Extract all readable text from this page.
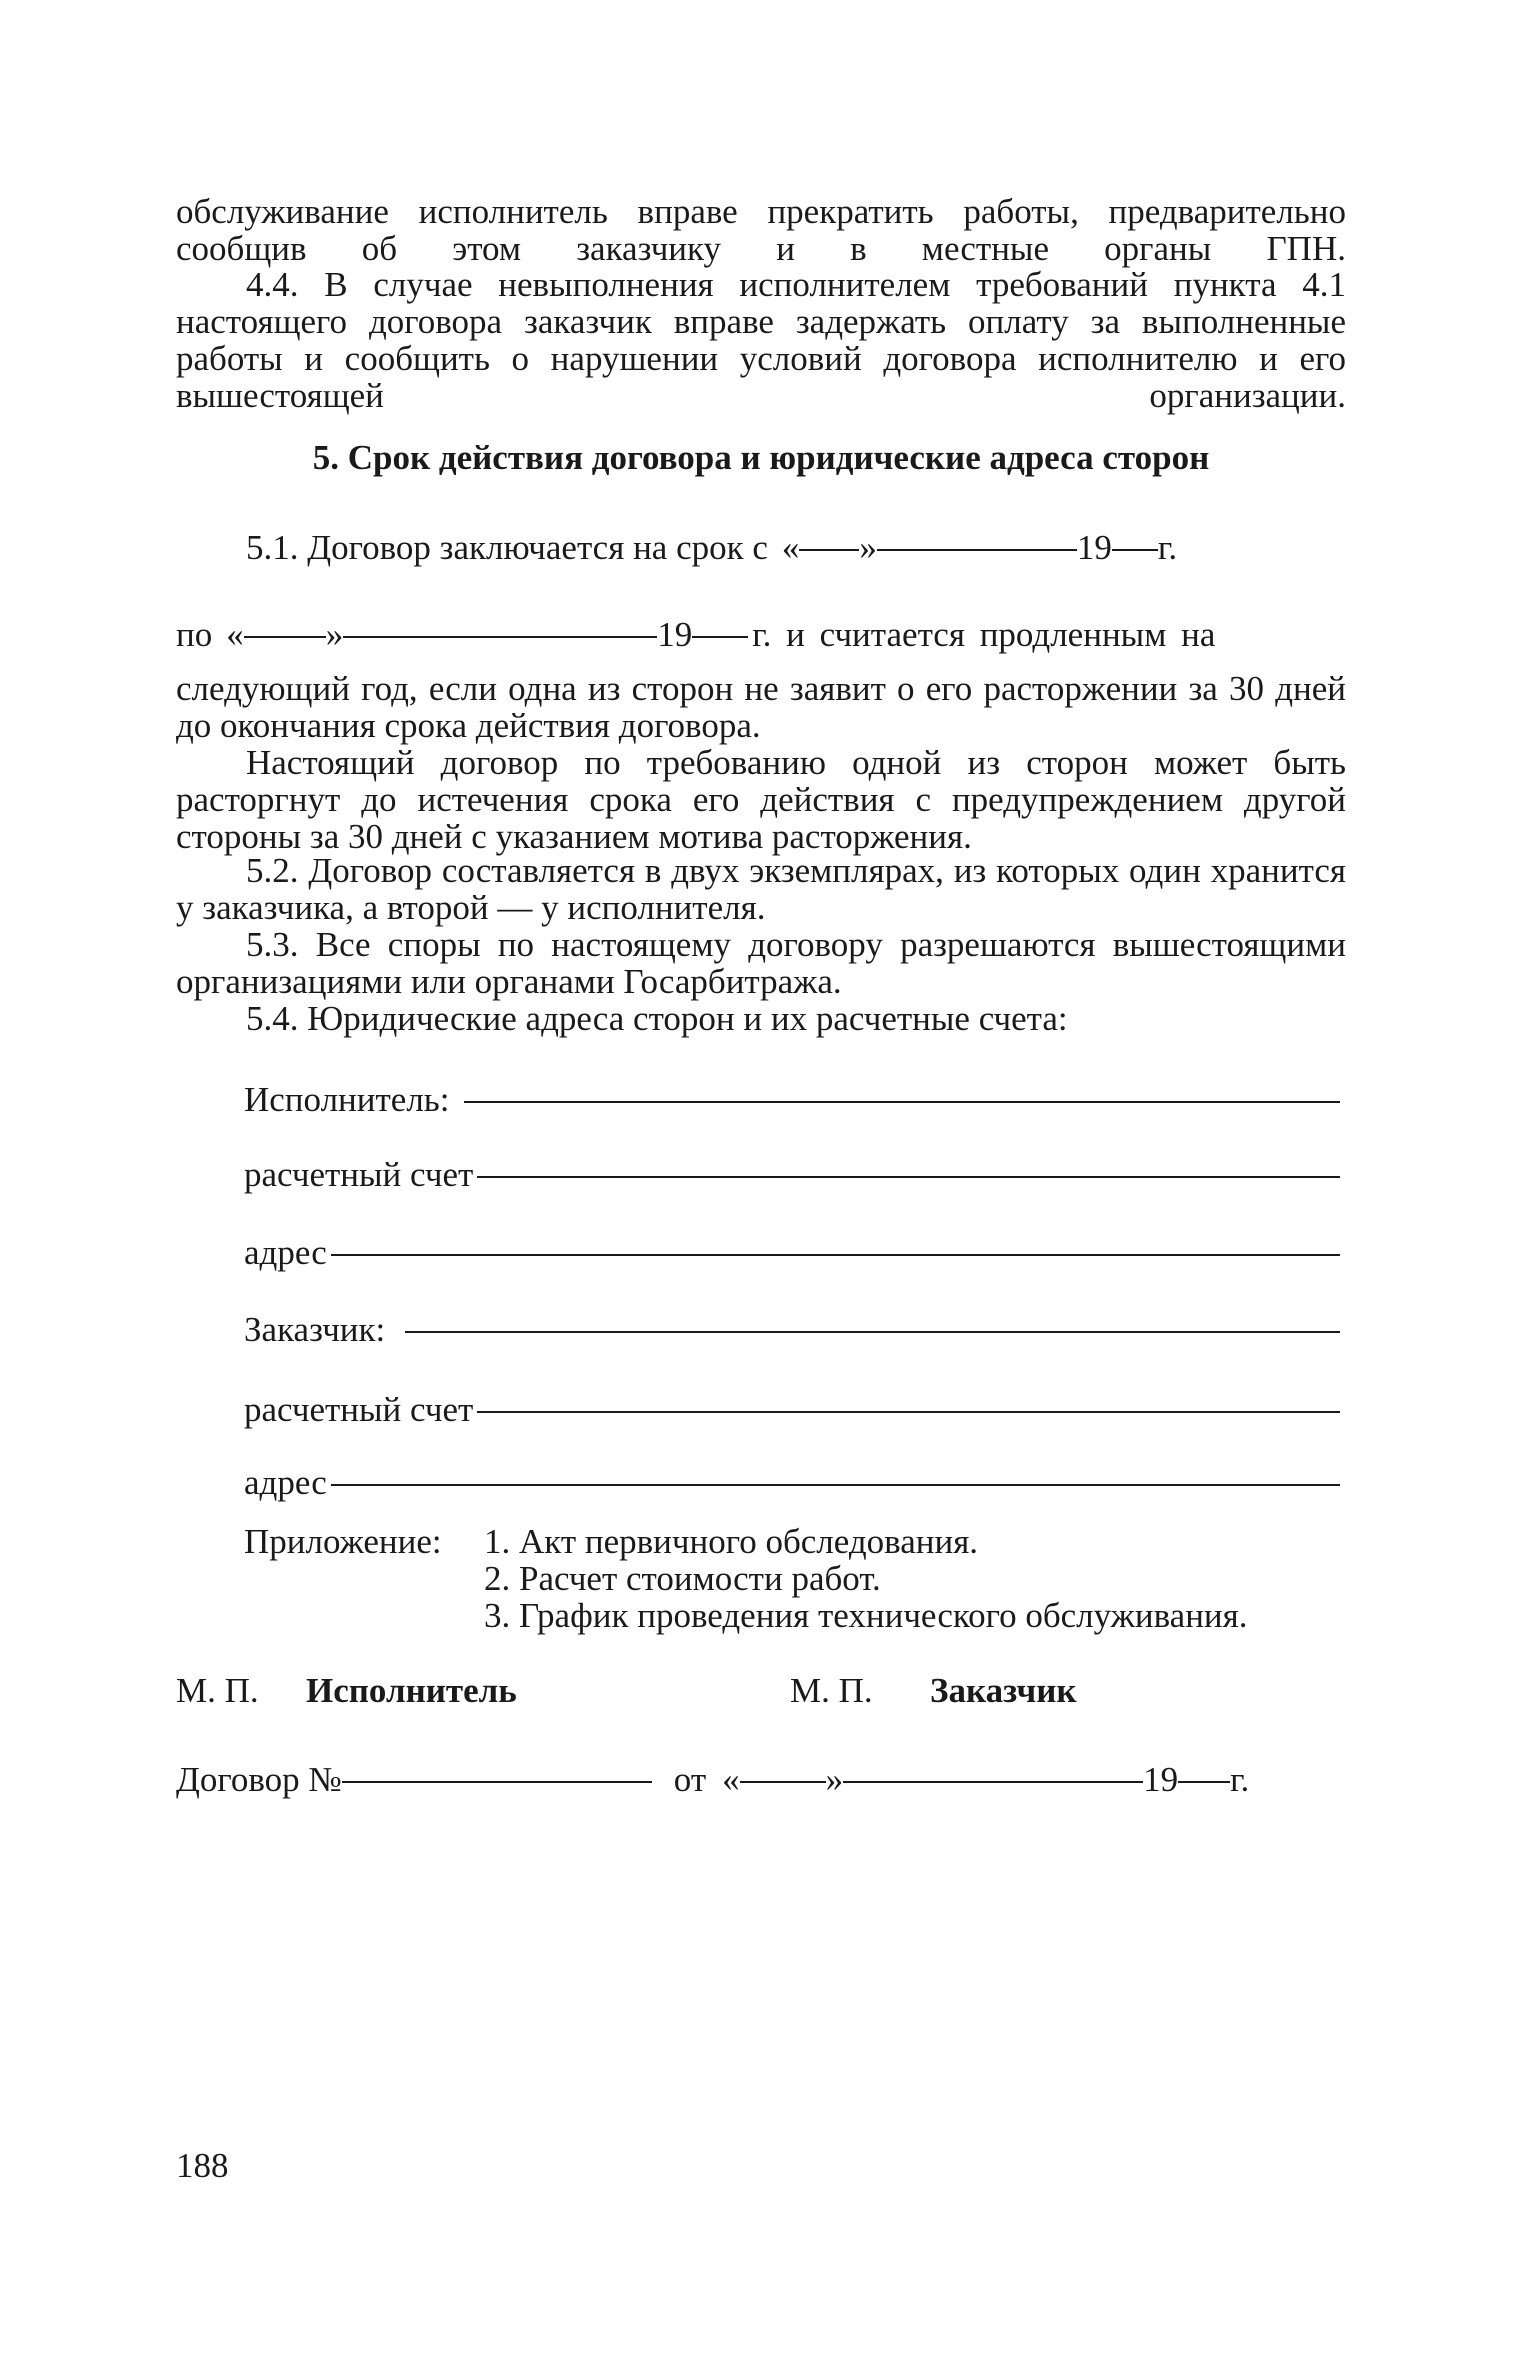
обслуживание исполнитель вправе прекратить работы, предварительно сообщив об этом заказчику и в местные органы ГПН.
4.4. В случае невыполнения исполнителем требований пункта 4.1 настоящего договора заказчик вправе задержать оплату за выполненные работы и сообщить о нарушении условий договора исполнителю и его вышестоящей организации.
5. Срок действия договора и юридические адреса сторон
5.1. Договор заключается на срок с « »	19 г.
по « »	19 г. и считается продленным на
следующий год, если одна из сторон не заявит о его расторжении за 30 дней до окончания срока действия договора.
Настоящий договор по требованию одной из сторон может быть расторгнут до истечения срока его действия с предупреждением другой стороны за 30 дней с указанием мотива расторжения.
5.2. Договор составляется в двух экземплярах, из которых один хранится у заказчика, а второй — у исполнителя.
5.3. Все споры по настоящему договору разрешаются вышестоящими организациями или органами Госарбитража.
5.4. Юридические адреса сторон и их расчетные счета:
Исполнитель:
расчетный счет
адрес
Заказчик:
расчетный счет
адрес
Приложение: 1. Акт первичного обследования.
2. Расчет стоимости работ.
3. График проведения технического обслуживания.
М. П. Исполнитель	М. П. Заказчик
Договор №	от « »	19 г.
188
